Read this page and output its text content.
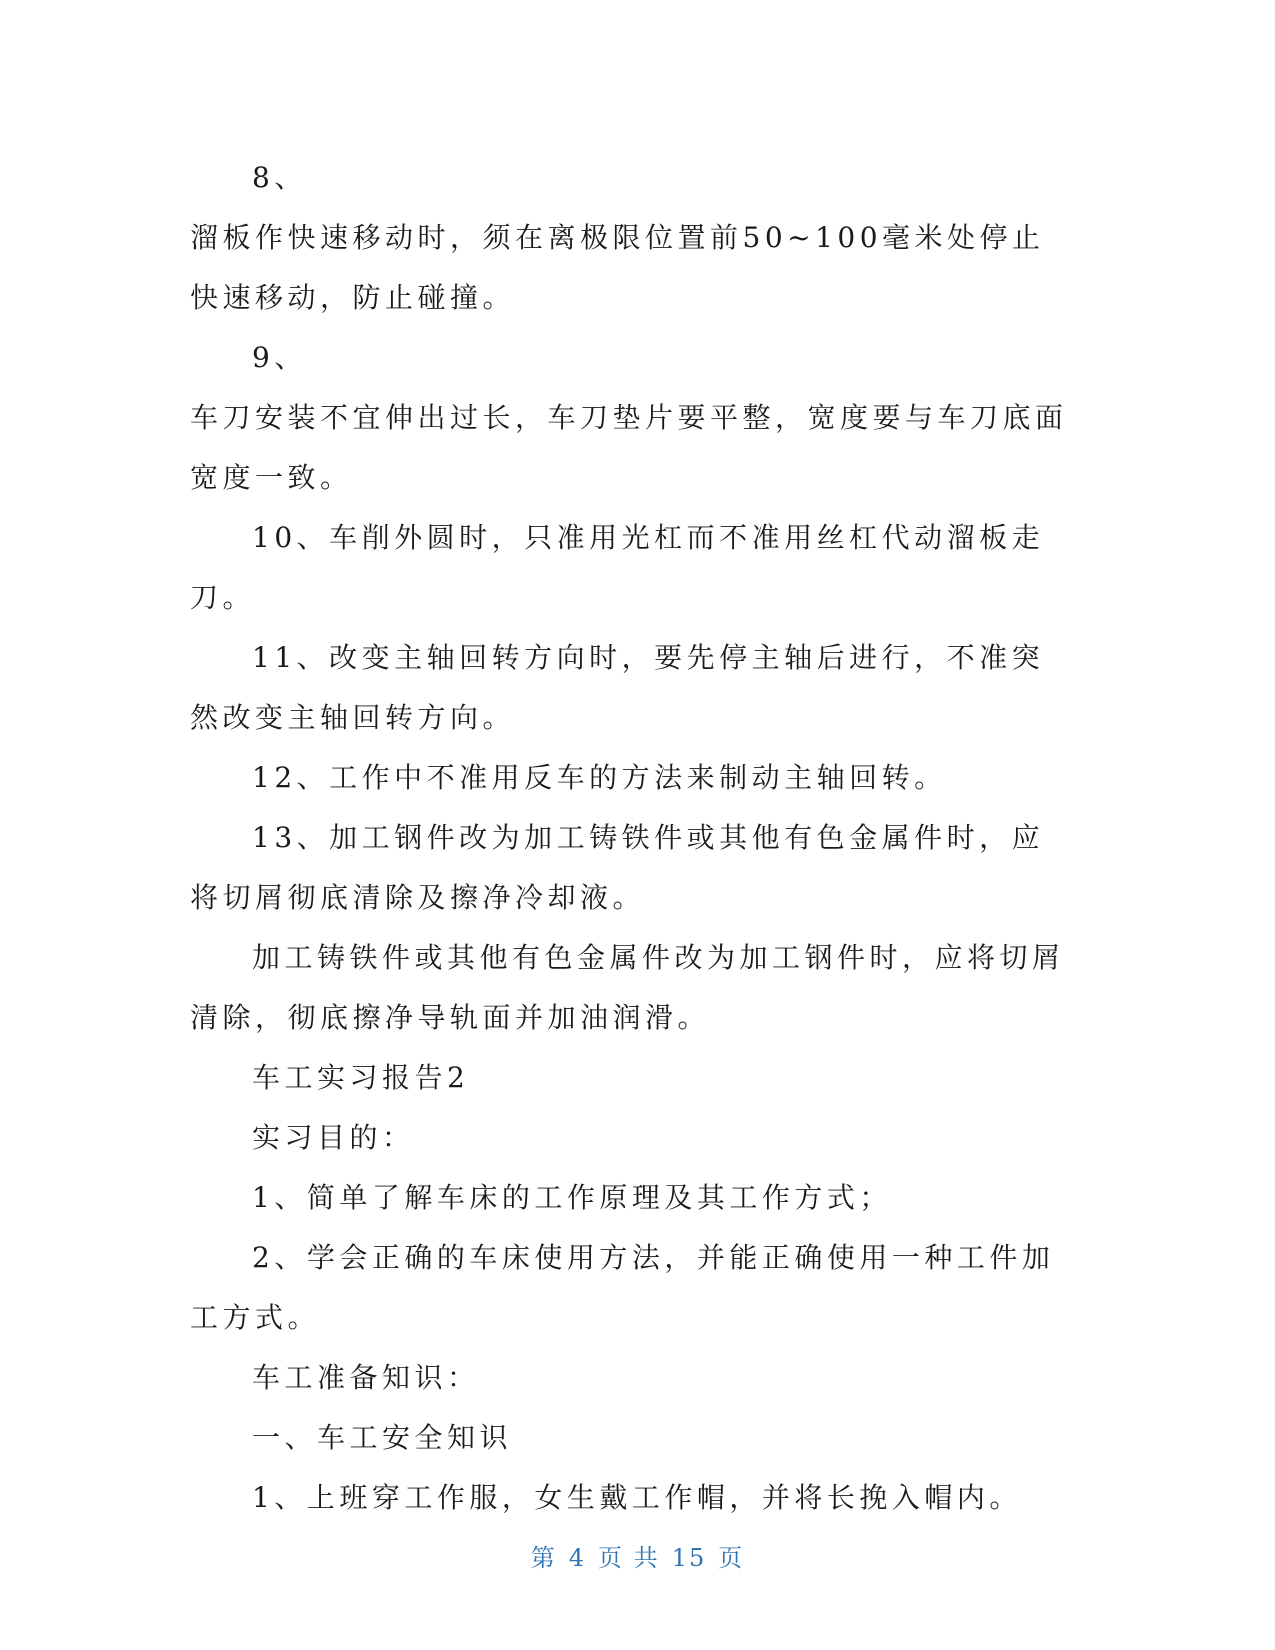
8、

溜板作快速移动时，须在离极限位置前50~100毫米处停止快速移动，防止碰撞。

9、

车刀安装不宜伸出过长，车刀垫片要平整，宽度要与车刀底面宽度一致。

10、车削外圆时，只准用光杠而不准用丝杠代动溜板走刀。

11、改变主轴回转方向时，要先停主轴后进行，不准突然改变主轴回转方向。

12、工作中不准用反车的方法来制动主轴回转。

13、加工钢件改为加工铸铁件或其他有色金属件时，应将切屑彻底清除及擦净冷却液。

加工铸铁件或其他有色金属件改为加工钢件时，应将切屑清除，彻底擦净导轨面并加油润滑。

车工实习报告2

实习目的：

1、简单了解车床的工作原理及其工作方式；

2、学会正确的车床使用方法，并能正确使用一种工件加工方式。

车工准备知识：

一、车工安全知识

1、上班穿工作服，女生戴工作帽，并将长挽入帽内。

第 4 页 共 15 页
